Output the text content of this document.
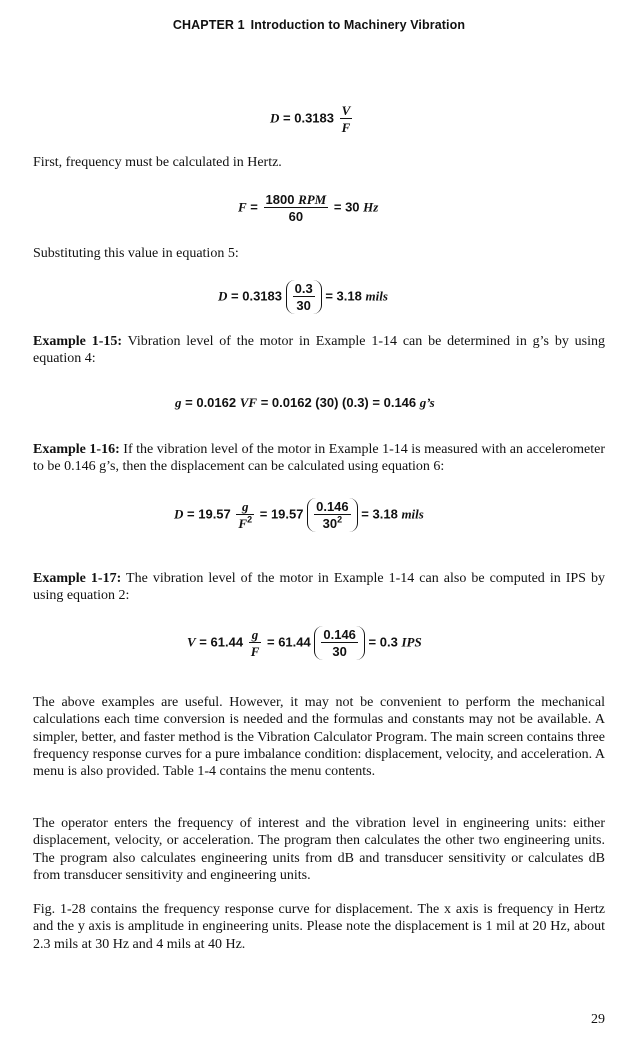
CHAPTER 1 Introduction to Machinery Vibration
$D = 0.3183 \frac{V}{F}$
First, frequency must be calculated in Hertz.
$F = \frac{\text{1800 RPM}}{60} = 30$ Hz
Substituting this value in equation 5:
$D = 0.3183 \frac{0.3}{30} = 3.18$ mils
Example 1-15: Vibration level of the motor in Example 1-14 can be determined in g’s by using equation 4:
g = 0.0162 VF = 0.0162 (30) (0.3) = 0.146 g’s
Example 1-16: If the vibration level of the motor in Example 1-14 is measured with an accelerometer to be 0.146 g’s, then the displacement can be calculated using equation 6:
$D = 19.57 \frac{g}{F^2} = 19.57 \frac{0.146}{30^2} = 3.18$ mils
Example 1-17: The vibration level of the motor in Example 1-14 can also be computed in IPS by using equation 2:
$V = 61.44 \frac{g}{F} = 61.44 \frac{0.146}{30} = 0.3$ IPS
The above examples are useful. However, it may not be convenient to perform the mechanical calculations each time conversion is needed and the formulas and constants may not be available. A simpler, better, and faster method is the Vibration Calculator Program. The main screen contains three frequency response curves for a pure imbalance condition: displacement, velocity, and acceleration. A menu is also provided. Table 1-4 contains the menu contents.
The operator enters the frequency of interest and the vibration level in engineering units: either displacement, velocity, or acceleration. The program then calculates the other two engineering units. The program also calculates engineering units from dB and transducer sensitivity or calculates dB from transducer sensitivity and engineering units.
Fig. 1-28 contains the frequency response curve for displacement. The x axis is frequency in Hertz and the y axis is amplitude in engineering units. Please note the displacement is 1 mil at 20 Hz, about 2.3 mils at 30 Hz and 4 mils at 40 Hz.
29
